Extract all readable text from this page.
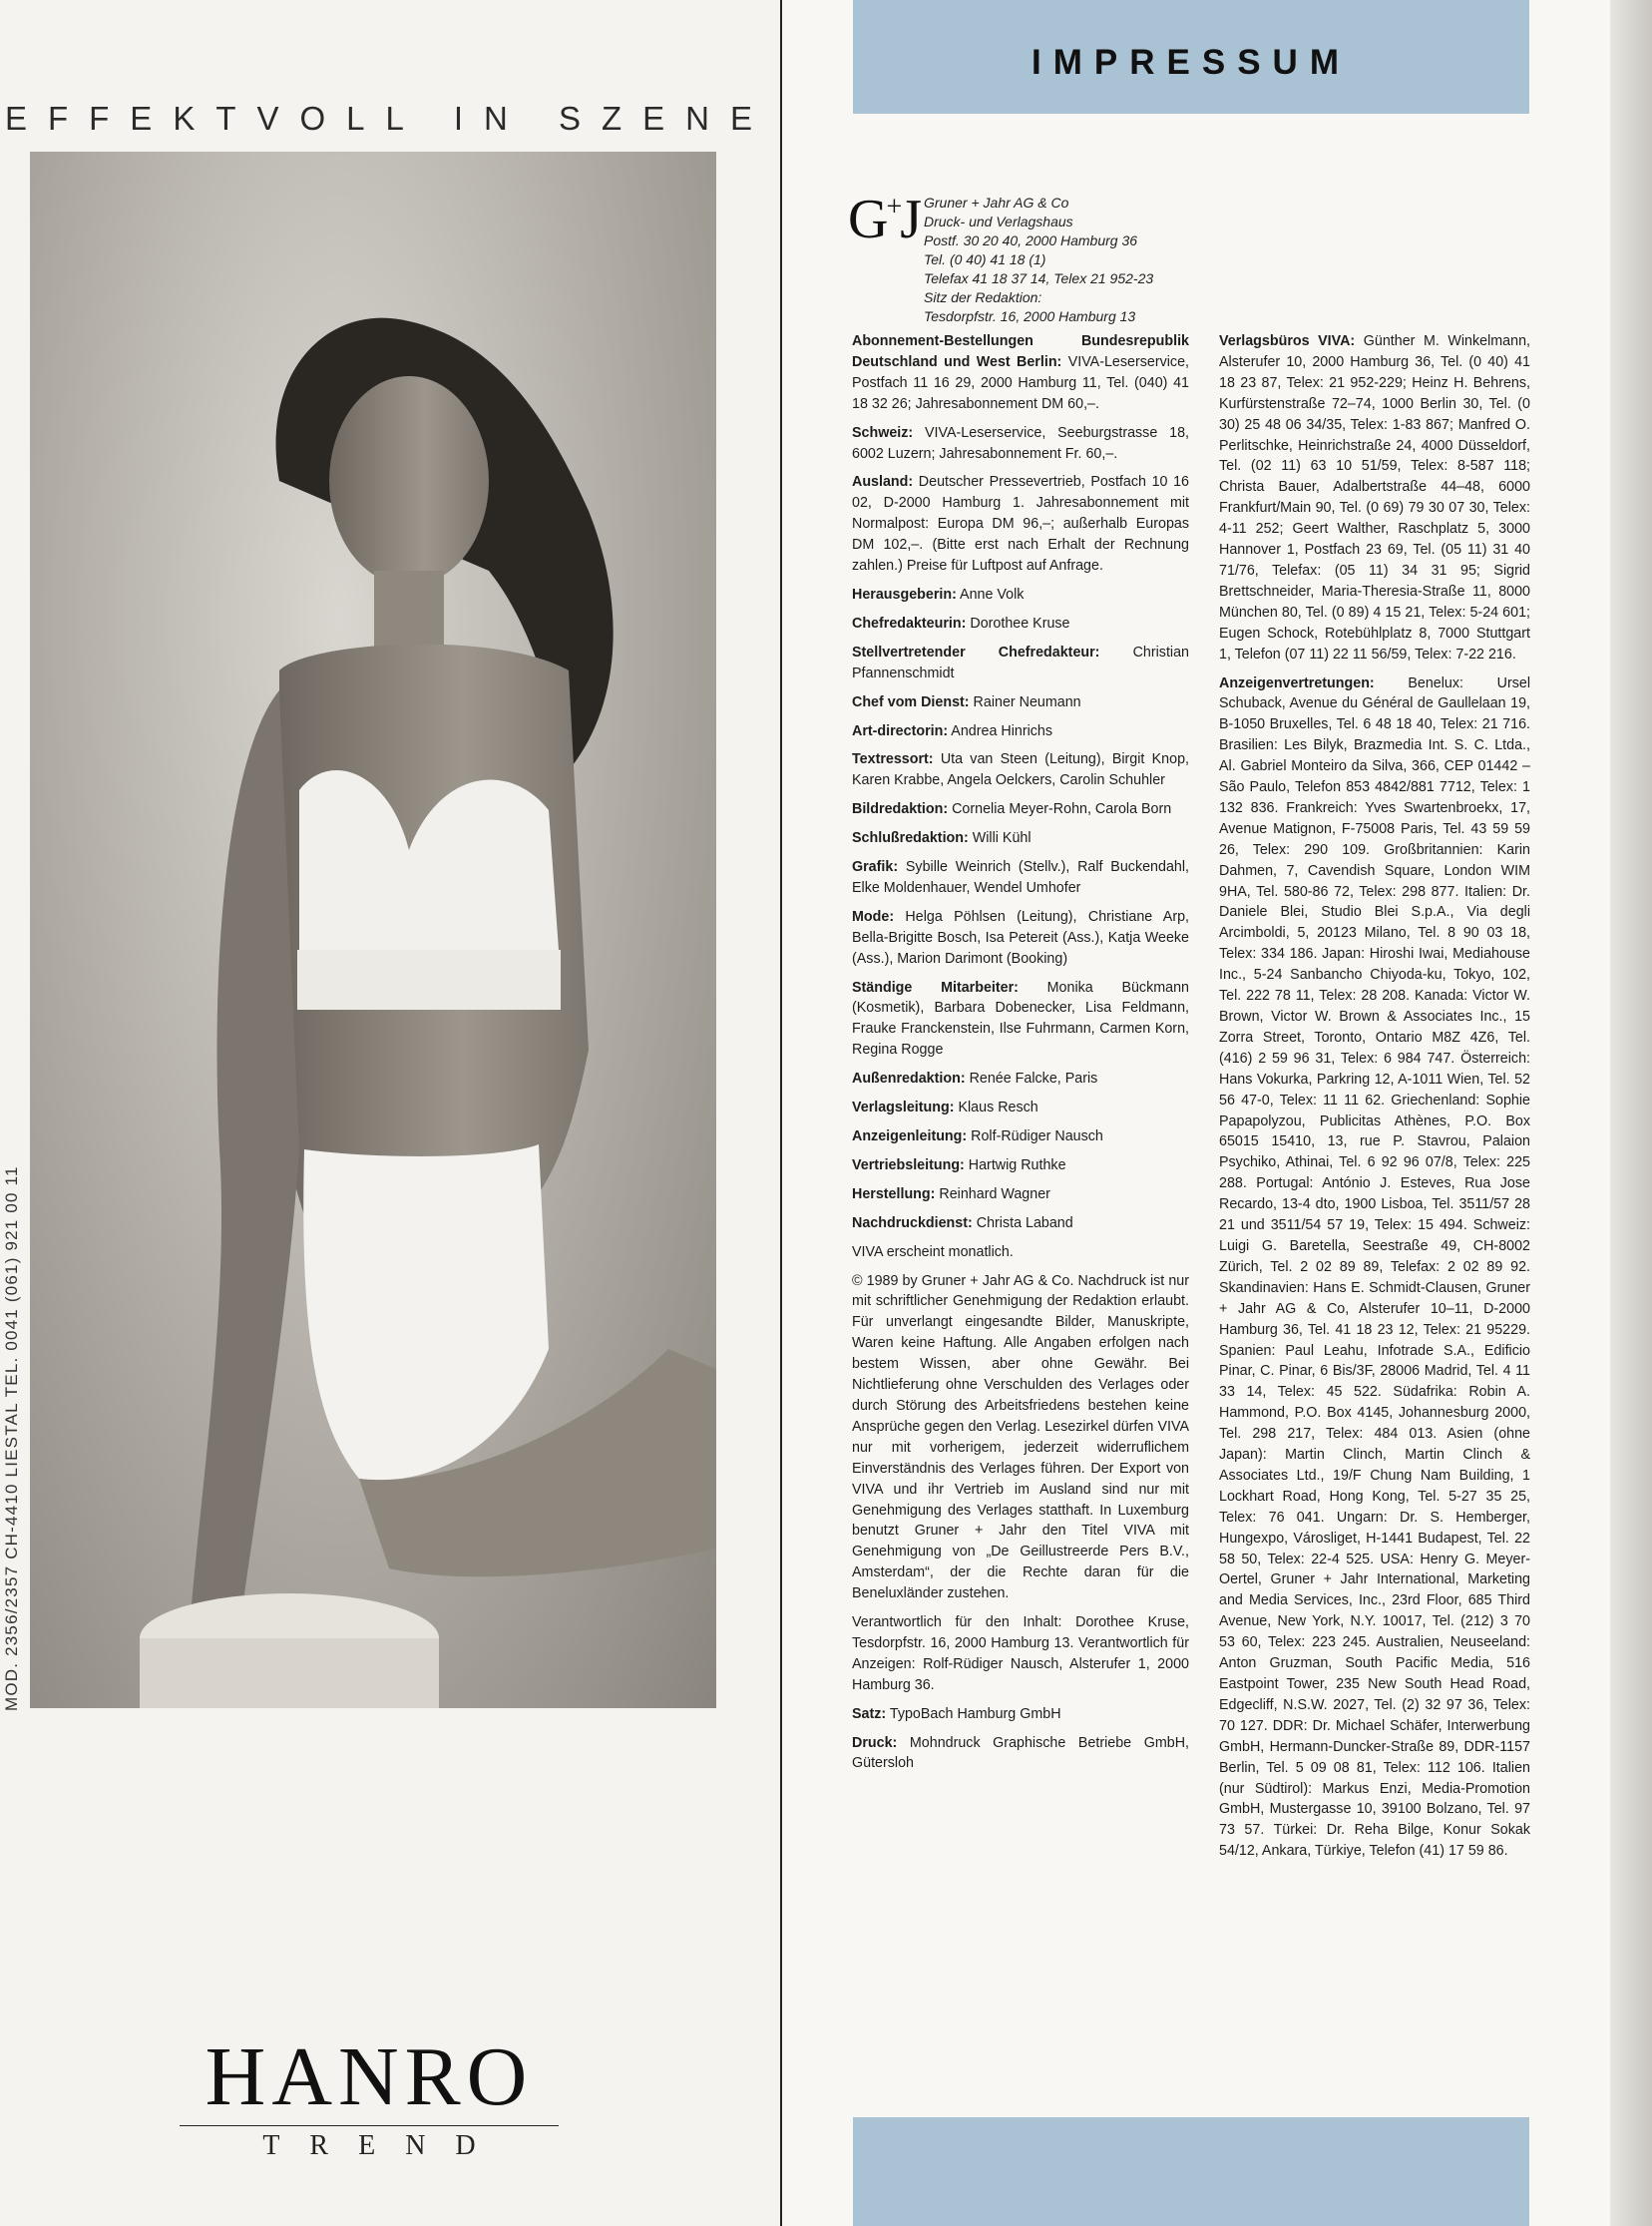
EFFEKTVOLL IN SZENE
MOD. 2356/2357 CH-4410 LIESTAL TEL. 0041 (061) 921 00 11
HANRO
TREND
IMPRESSUM
G+J Gruner + Jahr AG & Co
Druck- und Verlagshaus
Postf. 30 20 40, 2000 Hamburg 36
Tel. (0 40) 41 18 (1)
Telefax 41 18 37 14, Telex 21 952-23
Sitz der Redaktion:
Tesdorpfstr. 16, 2000 Hamburg 13

Abonnement-Bestellungen Bundesrepublik Deutschland und West Berlin: VIVA-Leserservice, Postfach 11 16 29, 2000 Hamburg 11, Tel. (040) 41 18 32 26; Jahresabonnement DM 60,–.

Schweiz: VIVA-Leserservice, Seeburgstrasse 18, 6002 Luzern; Jahresabonnement Fr. 60,–.

Ausland: Deutscher Pressevertrieb, Postfach 10 16 02, D-2000 Hamburg 1. Jahresabonnement mit Normalpost: Europa DM 96,–; außerhalb Europas DM 102,–. (Bitte erst nach Erhalt der Rechnung zahlen.) Preise für Luftpost auf Anfrage.

Herausgeberin: Anne Volk

Chefredakteurin: Dorothee Kruse

Stellvertretender Chefredakteur: Christian Pfannenschmidt

Chef vom Dienst: Rainer Neumann

Art-directorin: Andrea Hinrichs

Textressort: Uta van Steen (Leitung), Birgit Knop, Karen Krabbe, Angela Oelckers, Carolin Schuhler

Bildredaktion: Cornelia Meyer-Rohn, Carola Born

Schlußredaktion: Willi Kühl

Grafik: Sybille Weinrich (Stellv.), Ralf Buckendahl, Elke Moldenhauer, Wendel Umhofer

Mode: Helga Pöhlsen (Leitung), Christiane Arp, Bella-Brigitte Bosch, Isa Petereit (Ass.), Katja Weeke (Ass.), Marion Darimont (Booking)

Ständige Mitarbeiter: Monika Bückmann (Kosmetik), Barbara Dobenecker, Lisa Feldmann, Frauke Franckenstein, Ilse Fuhrmann, Carmen Korn, Regina Rogge

Außenredaktion: Renée Falcke, Paris

Verlagsleitung: Klaus Resch

Anzeigenleitung: Rolf-Rüdiger Nausch

Vertriebsleitung: Hartwig Ruthke

Herstellung: Reinhard Wagner

Nachdruckdienst: Christa Laband

VIVA erscheint monatlich.

© 1989 by Gruner + Jahr AG & Co. Nachdruck ist nur mit schriftlicher Genehmigung der Redaktion erlaubt. Für unverlangt eingesandte Bilder, Manuskripte, Waren keine Haftung. Alle Angaben erfolgen nach bestem Wissen, aber ohne Gewähr. Bei Nichtlieferung ohne Verschulden des Verlages oder durch Störung des Arbeitsfriedens bestehen keine Ansprüche gegen den Verlag. Lesezirkel dürfen VIVA nur mit vorherigem, jederzeit widerruflichem Einverständnis des Verlages führen. Der Export von VIVA und ihr Vertrieb im Ausland sind nur mit Genehmigung des Verlages statthaft. In Luxemburg benutzt Gruner + Jahr den Titel VIVA mit Genehmigung von „De Geillustreerde Pers B.V., Amsterdam“, der die Rechte daran für die Beneluxländer zustehen.

Verantwortlich für den Inhalt: Dorothee Kruse, Tesdorpfstr. 16, 2000 Hamburg 13. Verantwortlich für Anzeigen: Rolf-Rüdiger Nausch, Alsterufer 1, 2000 Hamburg 36.

Satz: TypoBach Hamburg GmbH

Druck: Mohndruck Graphische Betriebe GmbH, Gütersloh

Verlagsbüros VIVA: Günther M. Winkelmann, Alsterufer 10, 2000 Hamburg 36, Tel. (0 40) 41 18 23 87, Telex: 21 952-229; Heinz H. Behrens, Kurfürstenstraße 72–74, 1000 Berlin 30, Tel. (0 30) 25 48 06 34/35, Telex: 1-83 867; Manfred O. Perlitschke, Heinrichstraße 24, 4000 Düsseldorf, Tel. (02 11) 63 10 51/59, Telex: 8-587 118; Christa Bauer, Adalbertstraße 44–48, 6000 Frankfurt/Main 90, Tel. (0 69) 79 30 07 30, Telex: 4-11 252; Geert Walther, Raschplatz 5, 3000 Hannover 1, Postfach 23 69, Tel. (05 11) 31 40 71/76, Telefax: (05 11) 34 31 95; Sigrid Brettschneider, Maria-Theresia-Straße 11, 8000 München 80, Tel. (0 89) 4 15 21, Telex: 5-24 601; Eugen Schock, Rotebühlplatz 8, 7000 Stuttgart 1, Telefon (07 11) 22 11 56/59, Telex: 7-22 216.

Anzeigenvertretungen: Benelux: Ursel Schuback, Avenue du Général de Gaullelaan 19, B-1050 Bruxelles, Tel. 6 48 18 40, Telex: 21 716. Brasilien: Les Bilyk, Brazmedia Int. S. C. Ltda., Al. Gabriel Monteiro da Silva, 366, CEP 01442 – São Paulo, Telefon 853 4842/881 7712, Telex: 1 132 836. Frankreich: Yves Swartenbroekx, 17, Avenue Matignon, F-75008 Paris, Tel. 43 59 59 26, Telex: 290 109. Großbritannien: Karin Dahmen, 7, Cavendish Square, London WIM 9HA, Tel. 580-86 72, Telex: 298 877. Italien: Dr. Daniele Blei, Studio Blei S.p.A., Via degli Arcimboldi, 5, 20123 Milano, Tel. 8 90 03 18, Telex: 334 186. Japan: Hiroshi Iwai, Mediahouse Inc., 5-24 Sanbancho Chiyoda-ku, Tokyo, 102, Tel. 222 78 11, Telex: 28 208. Kanada: Victor W. Brown, Victor W. Brown & Associates Inc., 15 Zorra Street, Toronto, Ontario M8Z 4Z6, Tel. (416) 2 59 96 31, Telex: 6 984 747. Österreich: Hans Vokurka, Parkring 12, A-1011 Wien, Tel. 52 56 47-0, Telex: 11 11 62. Griechenland: Sophie Papapolyzou, Publicitas Athènes, P.O. Box 65015 15410, 13, rue P. Stavrou, Palaion Psychiko, Athinai, Tel. 6 92 96 07/8, Telex: 225 288. Portugal: António J. Esteves, Rua Jose Recardo, 13-4 dto, 1900 Lisboa, Tel. 3511/57 28 21 und 3511/54 57 19, Telex: 15 494. Schweiz: Luigi G. Baretella, Seestraße 49, CH-8002 Zürich, Tel. 2 02 89 89, Telefax: 2 02 89 92. Skandinavien: Hans E. Schmidt-Clausen, Gruner + Jahr AG & Co, Alsterufer 10–11, D-2000 Hamburg 36, Tel. 41 18 23 12, Telex: 21 95229. Spanien: Paul Leahu, Infotrade S.A., Edificio Pinar, C. Pinar, 6 Bis/3F, 28006 Madrid, Tel. 4 11 33 14, Telex: 45 522. Südafrika: Robin A. Hammond, P.O. Box 4145, Johannesburg 2000, Tel. 298 217, Telex: 484 013. Asien (ohne Japan): Martin Clinch, Martin Clinch & Associates Ltd., 19/F Chung Nam Building, 1 Lockhart Road, Hong Kong, Tel. 5-27 35 25, Telex: 76 041. Ungarn: Dr. S. Hemberger, Hungexpo, Városliget, H-1441 Budapest, Tel. 22 58 50, Telex: 22-4 525. USA: Henry G. Meyer-Oertel, Gruner + Jahr International, Marketing and Media Services, Inc., 23rd Floor, 685 Third Avenue, New York, N.Y. 10017, Tel. (212) 3 70 53 60, Telex: 223 245. Australien, Neuseeland: Anton Gruzman, South Pacific Media, 516 Eastpoint Tower, 235 New South Head Road, Edgecliff, N.S.W. 2027, Tel. (2) 32 97 36, Telex: 70 127. DDR: Dr. Michael Schäfer, Interwerbung GmbH, Hermann-Duncker-Straße 89, DDR-1157 Berlin, Tel. 5 09 08 81, Telex: 112 106. Italien (nur Südtirol): Markus Enzi, Media-Promotion GmbH, Mustergasse 10, 39100 Bolzano, Tel. 97 73 57. Türkei: Dr. Reha Bilge, Konur Sokak 54/12, Ankara, Türkiye, Telefon (41) 17 59 86.
